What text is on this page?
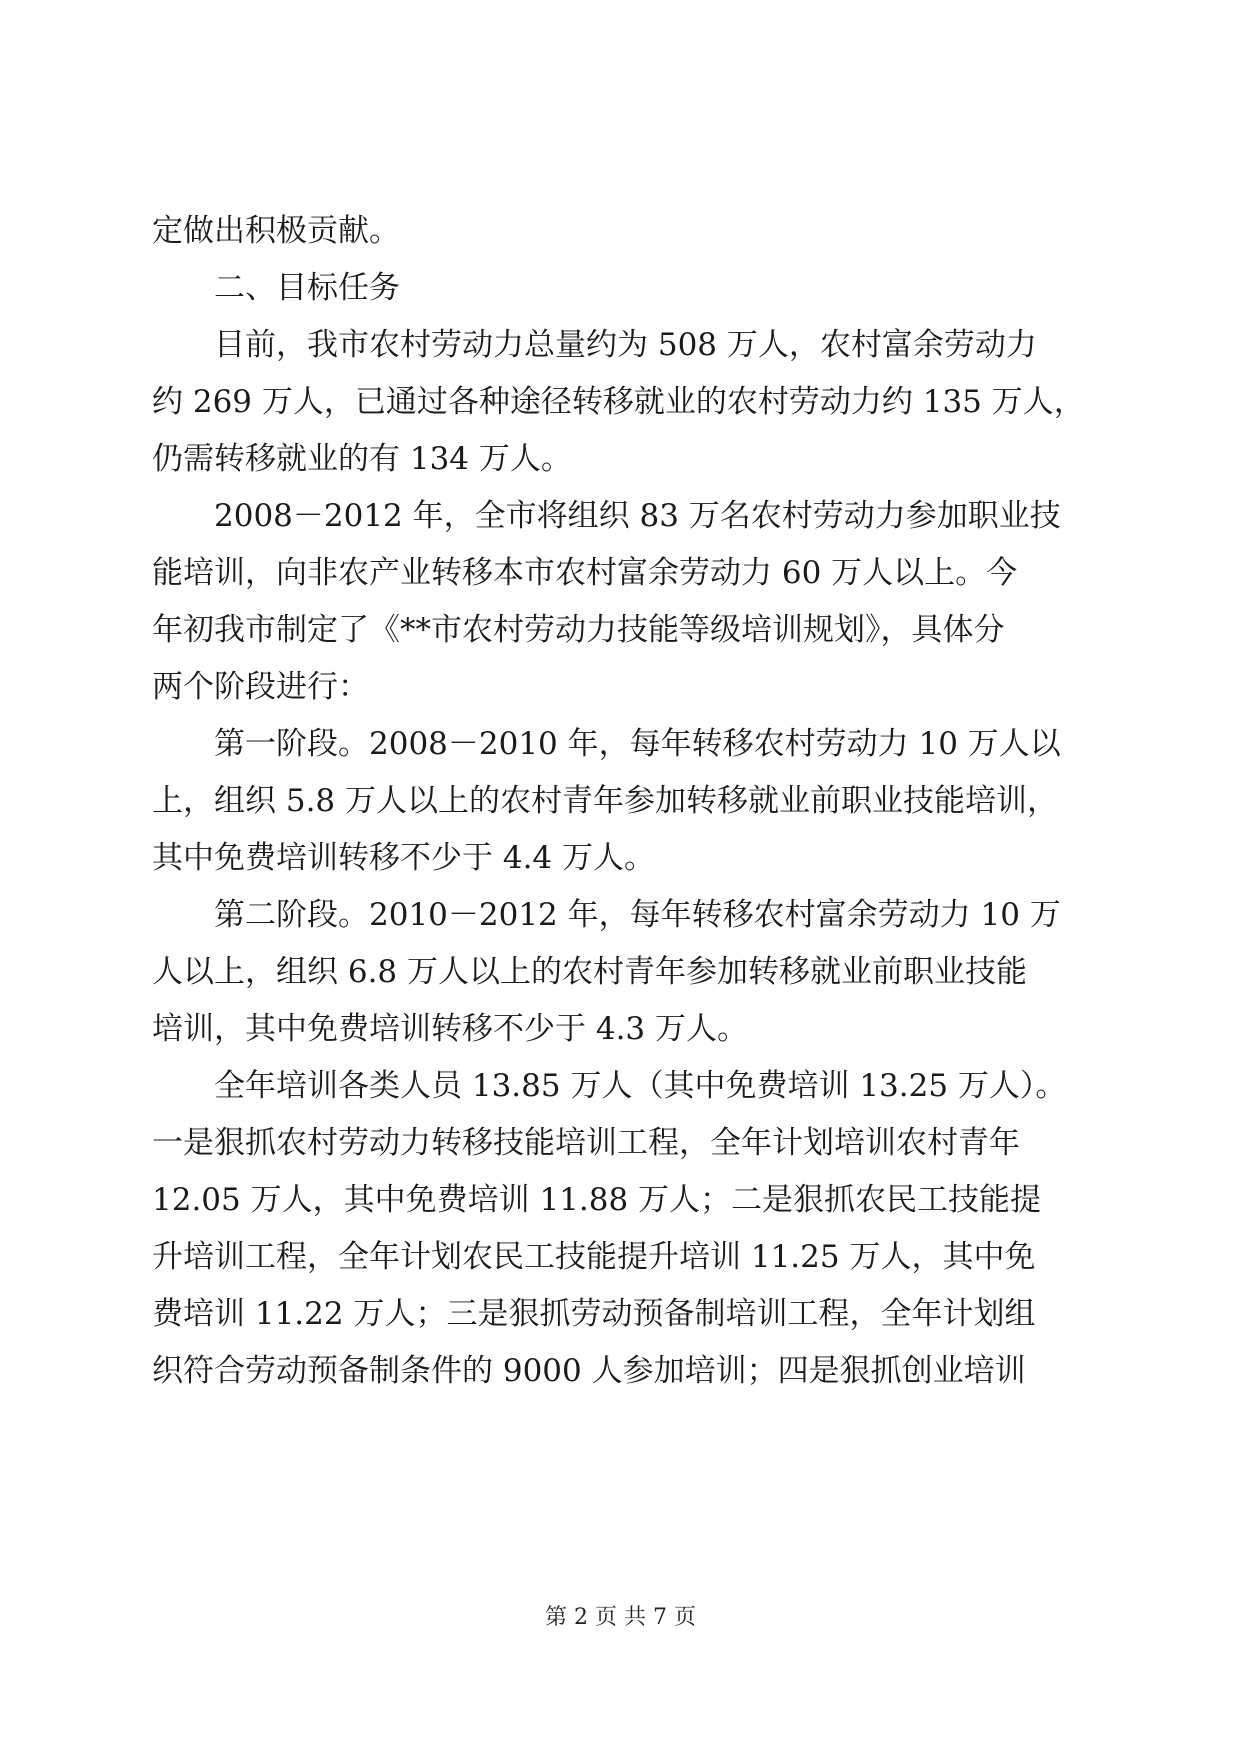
定做出积极贡献。
　　二、目标任务
　　目前，我市农村劳动力总量约为 508 万人，农村富余劳动力
约 269 万人，已通过各种途径转移就业的农村劳动力约 135 万人，
仍需转移就业的有 134 万人。
　　2008－2012 年，全市将组织 83 万名农村劳动力参加职业技
能培训，向非农产业转移本市农村富余劳动力 60 万人以上。今
年初我市制定了《**市农村劳动力技能等级培训规划》，具体分
两个阶段进行：
　　第一阶段。2008－2010 年，每年转移农村劳动力 10 万人以
上，组织 5.8 万人以上的农村青年参加转移就业前职业技能培训，
其中免费培训转移不少于 4.4 万人。
　　第二阶段。2010－2012 年，每年转移农村富余劳动力 10 万
人以上，组织 6.8 万人以上的农村青年参加转移就业前职业技能
培训，其中免费培训转移不少于 4.3 万人。
　　全年培训各类人员 13.85 万人（其中免费培训 13.25 万人）。
一是狠抓农村劳动力转移技能培训工程，全年计划培训农村青年
12.05 万人，其中免费培训 11.88 万人；二是狠抓农民工技能提
升培训工程，全年计划农民工技能提升培训 11.25 万人，其中免
费培训 11.22 万人；三是狠抓劳动预备制培训工程，全年计划组
织符合劳动预备制条件的 9000 人参加培训；四是狠抓创业培训
第 2 页 共 7 页
